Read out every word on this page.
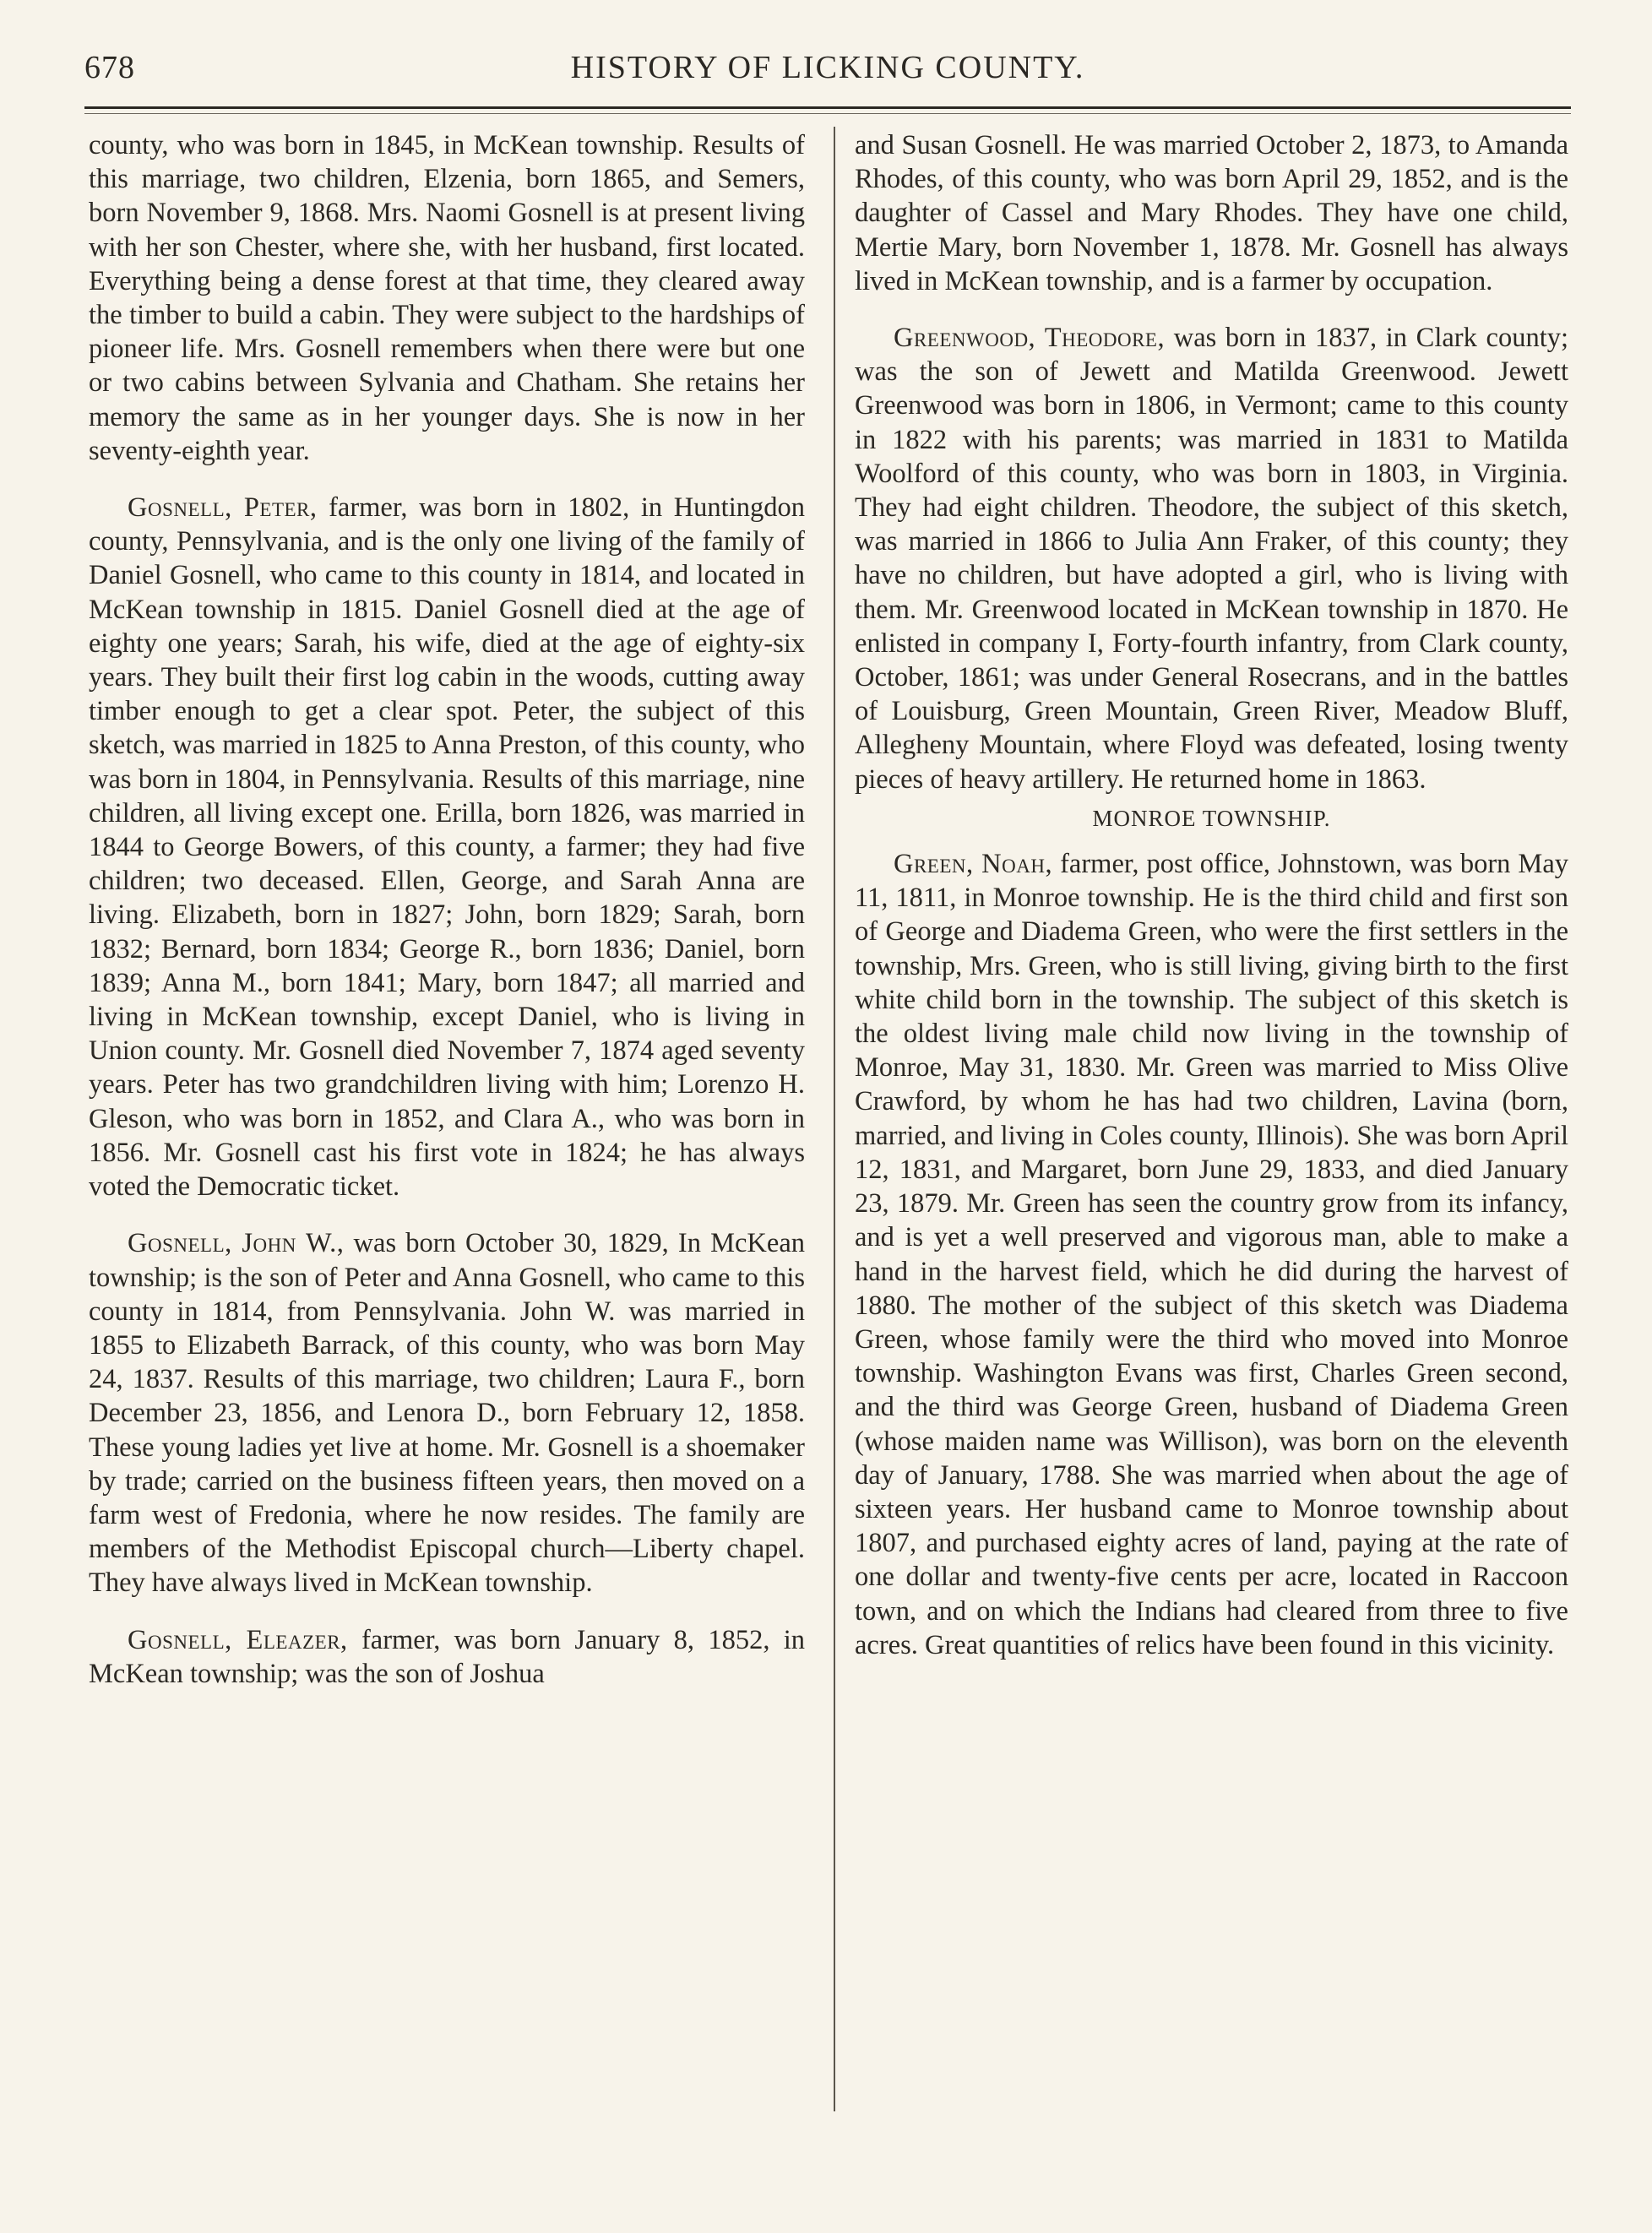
678	HISTORY OF LICKING COUNTY.

county, who was born in 1845, in McKean township. Results of this marriage, two children, Elzenia, born 1865, and Semers, born November 9, 1868. Mrs. Naomi Gosnell is at present living with her son Chester, where she, with her husband, first located. Everything being a dense forest at that time, they cleared away the timber to build a cabin. They were subject to the hardships of pioneer life. Mrs. Gosnell remembers when there were but one or two cabins between Sylvania and Chatham. She retains her memory the same as in her younger days. She is now in her seventy-eighth year.

Gosnell, Peter, farmer, was born in 1802, in Huntingdon county, Pennsylvania, and is the only one living of the family of Daniel Gosnell, who came to this county in 1814, and located in McKean township in 1815. Daniel Gosnell died at the age of eighty one years; Sarah, his wife, died at the age of eighty-six years. They built their first log cabin in the woods, cutting away timber enough to get a clear spot. Peter, the subject of this sketch, was married in 1825 to Anna Preston, of this county, who was born in 1804, in Pennsylvania. Results of this marriage, nine children, all living except one. Erilla, born 1826, was married in 1844 to George Bowers, of this county, a farmer; they had five children; two deceased. Ellen, George, and Sarah Anna are living. Elizabeth, born in 1827; John, born 1829; Sarah, born 1832; Bernard, born 1834; George R., born 1836; Daniel, born 1839; Anna M., born 1841; Mary, born 1847; all married and living in McKean township, except Daniel, who is living in Union county. Mr. Gosnell died November 7, 1874 aged seventy years. Peter has two grandchildren living with him; Lorenzo H. Gleson, who was born in 1852, and Clara A., who was born in 1856. Mr. Gosnell cast his first vote in 1824; he has always voted the Democratic ticket.

Gosnell, John W., was born October 30, 1829, In McKean township; is the son of Peter and Anna Gosnell, who came to this county in 1814, from Pennsylvania. John W. was married in 1855 to Elizabeth Barrack, of this county, who was born May 24, 1837. Results of this marriage, two children; Laura F., born December 23, 1856, and Lenora D., born February 12, 1858. These young ladies yet live at home. Mr. Gosnell is a shoemaker by trade; carried on the business fifteen years, then moved on a farm west of Fredonia, where he now resides. The family are members of the Methodist Episcopal church—Liberty chapel. They have always lived in McKean township.

Gosnell, Eleazer, farmer, was born January 8, 1852, in McKean township; was the son of Joshua

and Susan Gosnell. He was married October 2, 1873, to Amanda Rhodes, of this county, who was born April 29, 1852, and is the daughter of Cassel and Mary Rhodes. They have one child, Mertie Mary, born November 1, 1878. Mr. Gosnell has always lived in McKean township, and is a farmer by occupation.

Greenwood, Theodore, was born in 1837, in Clark county; was the son of Jewett and Matilda Greenwood. Jewett Greenwood was born in 1806, in Vermont; came to this county in 1822 with his parents; was married in 1831 to Matilda Woolford of this county, who was born in 1803, in Virginia. They had eight children. Theodore, the subject of this sketch, was married in 1866 to Julia Ann Fraker, of this county; they have no children, but have adopted a girl, who is living with them. Mr. Greenwood located in McKean township in 1870. He enlisted in company I, Forty-fourth infantry, from Clark county, October, 1861; was under General Rosecrans, and in the battles of Louisburg, Green Mountain, Green River, Meadow Bluff, Allegheny Mountain, where Floyd was defeated, losing twenty pieces of heavy artillery. He returned home in 1863.

MONROE TOWNSHIP.

Green, Noah, farmer, post office, Johnstown, was born May 11, 1811, in Monroe township. He is the third child and first son of George and Diadema Green, who were the first settlers in the township, Mrs. Green, who is still living, giving birth to the first white child born in the township. The subject of this sketch is the oldest living male child now living in the township of Monroe, May 31, 1830. Mr. Green was married to Miss Olive Crawford, by whom he has had two children, Lavina (born, married, and living in Coles county, Illinois). She was born April 12, 1831, and Margaret, born June 29, 1833, and died January 23, 1879. Mr. Green has seen the country grow from its infancy, and is yet a well preserved and vigorous man, able to make a hand in the harvest field, which he did during the harvest of 1880. The mother of the subject of this sketch was Diadema Green, whose family were the third who moved into Monroe township. Washington Evans was first, Charles Green second, and the third was George Green, husband of Diadema Green (whose maiden name was Willison), was born on the eleventh day of January, 1788. She was married when about the age of sixteen years. Her husband came to Monroe township about 1807, and purchased eighty acres of land, paying at the rate of one dollar and twenty-five cents per acre, located in Raccoon town, and on which the Indians had cleared from three to five acres. Great quantities of relics have been found in this vicinity.
